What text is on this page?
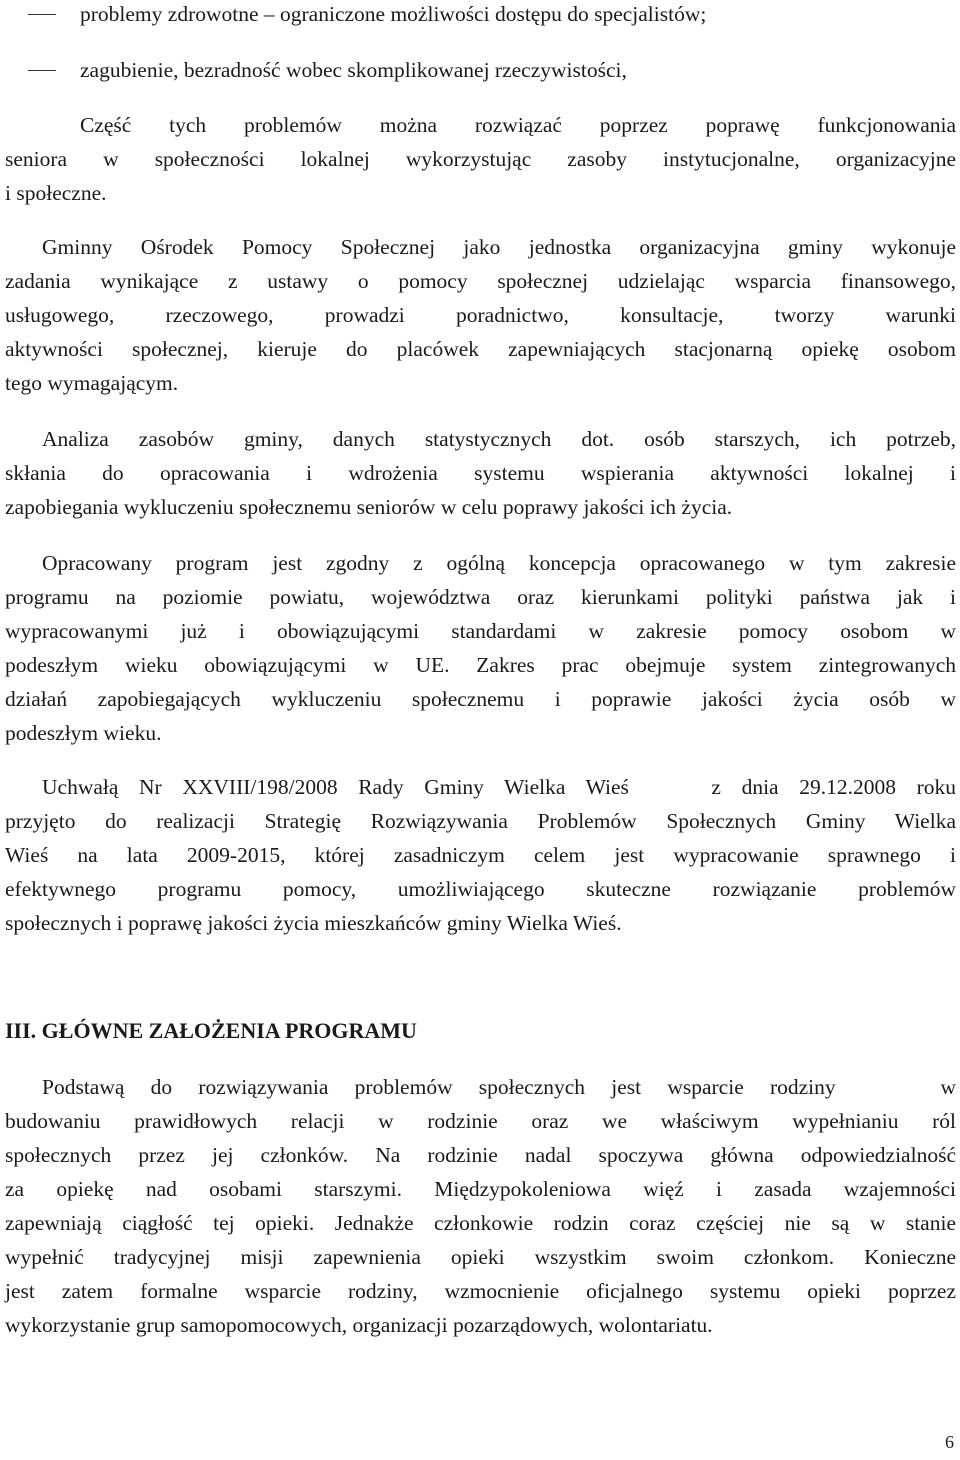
problemy zdrowotne – ograniczone możliwości dostępu do specjalistów;
zagubienie, bezradność wobec skomplikowanej rzeczywistości,
Część tych problemów można rozwiązać poprzez poprawę funkcjonowania
seniora w społeczności lokalnej wykorzystując zasoby instytucjonalne, organizacyjne
i społeczne.
Gminny Ośrodek Pomocy Społecznej jako jednostka organizacyjna gminy wykonuje
zadania wynikające z ustawy o pomocy społecznej udzielając wsparcia finansowego,
usługowego, rzeczowego, prowadzi poradnictwo, konsultacje, tworzy warunki
aktywności społecznej, kieruje do placówek zapewniających stacjonarną opiekę osobom
tego wymagającym.
Analiza zasobów gminy, danych statystycznych dot. osób starszych, ich potrzeb,
skłania do opracowania i wdrożenia systemu wspierania aktywności lokalnej i
zapobiegania wykluczeniu społecznemu seniorów w celu poprawy jakości ich życia.
Opracowany program jest zgodny z ogólną koncepcja opracowanego w tym zakresie
programu na poziomie powiatu, województwa oraz kierunkami polityki państwa jak i
wypracowanymi już i obowiązującymi standardami w zakresie pomocy osobom w
podeszłym wieku obowiązującymi w UE. Zakres prac obejmuje system zintegrowanych
działań zapobiegających wykluczeniu społecznemu i poprawie jakości życia osób w
podeszłym wieku.
Uchwałą Nr XXVIII/198/2008 Rady Gminy Wielka Wieś    z dnia 29.12.2008 roku
przyjęto do realizacji Strategię Rozwiązywania Problemów Społecznych Gminy Wielka
Wieś na lata 2009-2015, której zasadniczym celem jest wypracowanie sprawnego i
efektywnego programu pomocy, umożliwiającego skuteczne rozwiązanie problemów
społecznych i poprawę jakości życia mieszkańców gminy Wielka Wieś.
III. GŁÓWNE ZAŁOŻENIA PROGRAMU
Podstawą do rozwiązywania problemów społecznych jest wsparcie rodziny    w
budowaniu prawidłowych relacji w rodzinie oraz we właściwym wypełnianiu ról
społecznych przez jej członków. Na rodzinie nadal spoczywa główna odpowiedzialność
za opiekę nad osobami starszymi. Międzypokoleniowa więź i zasada wzajemności
zapewniają ciągłość tej opieki. Jednakże członkowie rodzin coraz częściej nie są w stanie
wypełnić tradycyjnej misji zapewnienia opieki wszystkim swoim członkom. Konieczne
jest zatem formalne wsparcie rodziny, wzmocnienie oficjalnego systemu opieki poprzez
wykorzystanie grup samopomocowych, organizacji pozarządowych, wolontariatu.
6
